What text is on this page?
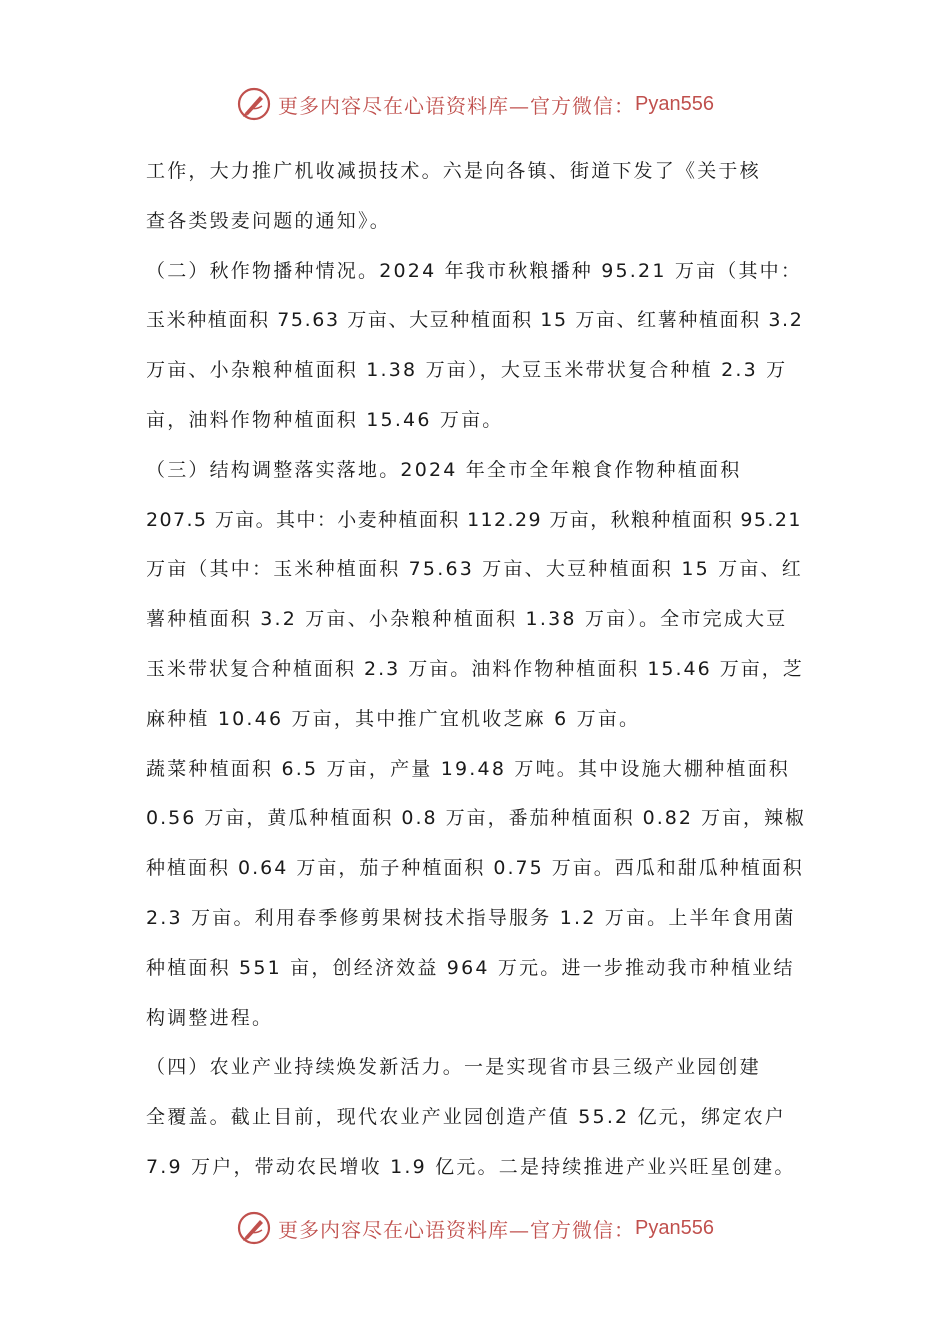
更多内容尽在心语资料库—官方微信： Pyan556
工作，大力推广机收减损技术。六是向各镇、街道下发了《关于核
查各类毁麦问题的通知》。
（二）秋作物播种情况。2024 年我市秋粮播种 95.21 万亩（其中：
玉米种植面积 75.63 万亩、大豆种植面积 15 万亩、红薯种植面积 3.2
万亩、小杂粮种植面积 1.38 万亩），大豆玉米带状复合种植 2.3 万
亩，油料作物种植面积 15.46 万亩。
（三）结构调整落实落地。2024 年全市全年粮食作物种植面积
207.5 万亩。其中：小麦种植面积 112.29 万亩，秋粮种植面积 95.21
万亩（其中：玉米种植面积 75.63 万亩、大豆种植面积 15 万亩、红
薯种植面积 3.2 万亩、小杂粮种植面积 1.38 万亩）。全市完成大豆
玉米带状复合种植面积 2.3 万亩。油料作物种植面积 15.46 万亩，芝
麻种植 10.46 万亩，其中推广宜机收芝麻 6 万亩。
蔬菜种植面积 6.5 万亩，产量 19.48 万吨。其中设施大棚种植面积
0.56 万亩，黄瓜种植面积 0.8 万亩，番茄种植面积 0.82 万亩，辣椒
种植面积 0.64 万亩，茄子种植面积 0.75 万亩。西瓜和甜瓜种植面积
2.3 万亩。利用春季修剪果树技术指导服务 1.2 万亩。上半年食用菌
种植面积 551 亩，创经济效益 964 万元。进一步推动我市种植业结
构调整进程。
（四）农业产业持续焕发新活力。一是实现省市县三级产业园创建
全覆盖。截止目前，现代农业产业园创造产值 55.2 亿元，绑定农户
7.9 万户，带动农民增收 1.9 亿元。二是持续推进产业兴旺星创建。
更多内容尽在心语资料库—官方微信： Pyan556
